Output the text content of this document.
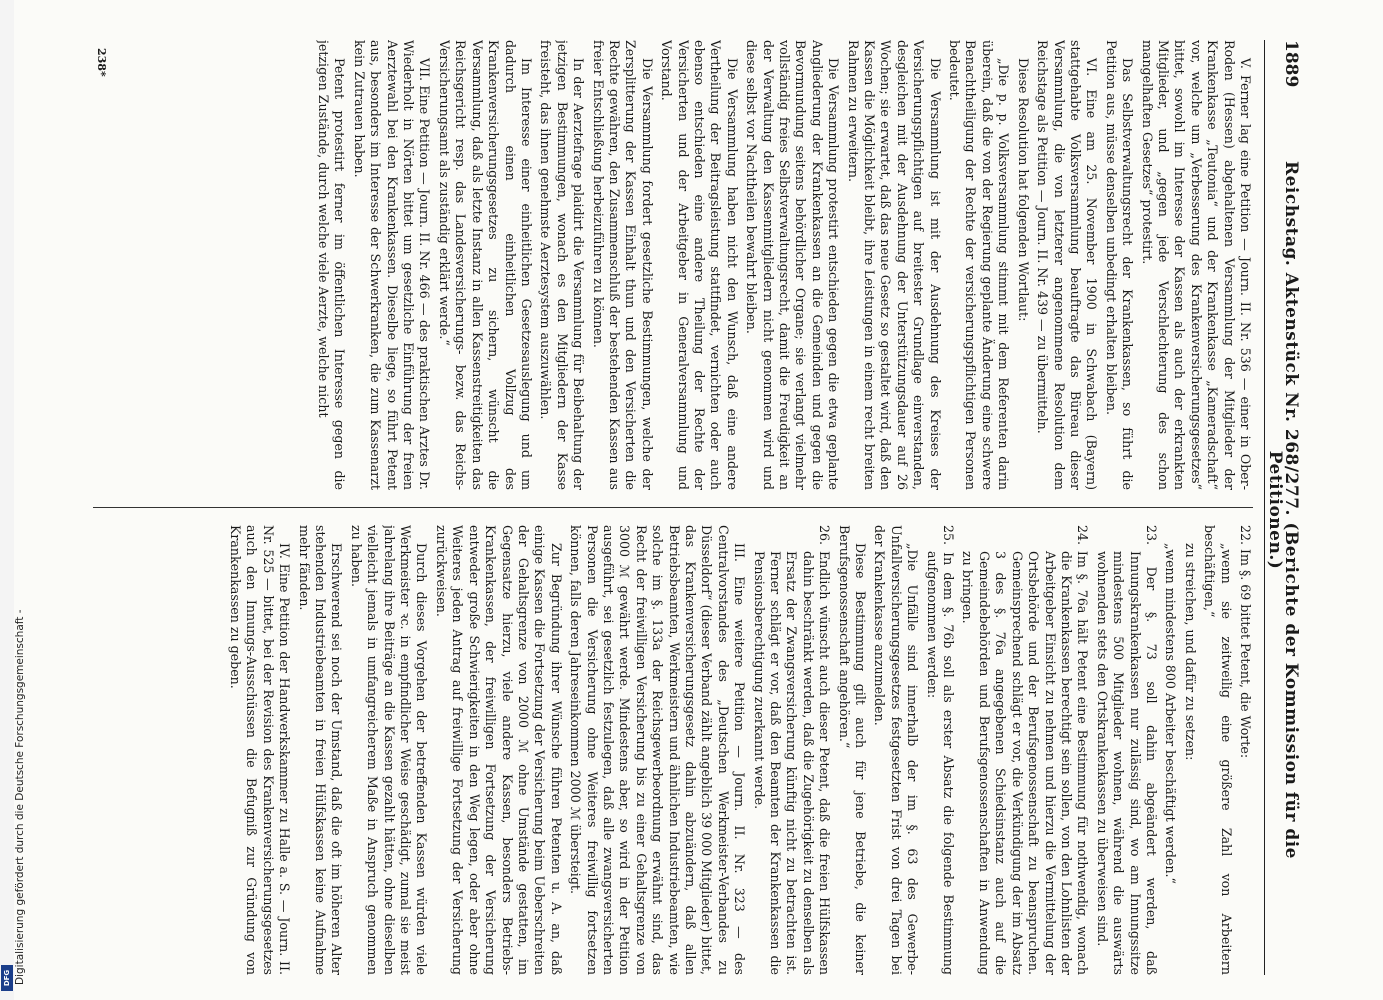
1889
Reichstag. Aktenstück Nr. 268/277. (Berichte der Kommission für die Petitionen.)

V. Ferner lag eine Petition — Journ. II. Nr. 536 — einer in Ober-Roden (Hessen) abgehaltenen Versammlung der Mitglieder der Krankenkasse „Teutonia“ und der Krankenkasse „Kameradschaft“ vor, welche um „Verbesserung des Krankenversicherungsgesetzes“ bittet, sowohl im Interesse der Kassen als auch der erkrankten Mitglieder, und „gegen jede Verschlechterung des schon mangelhaften Gesetzes“ protestirt.

Das Selbstverwaltungsrecht der Krankenkassen, so führt die Petition aus, müsse denselben unbedingt erhalten bleiben.

VI. Eine am 25. November 1900 in Schwabach (Bayern) stattgehabte Volksversammlung beauftragte das Büreau dieser Versammlung, die von letzterer angenommene Resolution dem Reichstage als Petition — Journ. II. Nr. 439 — zu übermitteln.

Diese Resolution hat folgenden Wortlaut:

„Die p. p. Volksversammlung stimmt mit dem Referenten darin überein, daß die von der Regierung geplante Änderung eine schwere Benachtheiligung der Rechte der versicherungspflichtigen Personen bedeutet.

Die Versammlung ist mit der Ausdehnung des Kreises der Versicherungspflichtigen auf breitester Grundlage einverstanden, desgleichen mit der Ausdehnung der Unterstützungsdauer auf 26 Wochen; sie erwartet, daß das neue Gesetz so gestaltet wird, daß den Kassen die Möglichkeit bleibt, ihre Leistungen in einem recht breiten Rahmen zu erweitern.

Die Versammlung protestirt entschieden gegen die etwa geplante Angliederung der Krankenkassen an die Gemeinden und gegen die Bevormundung seitens behördlicher Organe; sie verlangt vielmehr vollständig freies Selbstverwaltungsrecht, damit die Freudigkeit an der Verwaltung den Kassenmitgliedern nicht genommen wird und diese selbst vor Nachtheilen bewahrt bleiben.

Die Versammlung haben nicht den Wunsch, daß eine andere Vertheilung der Beitragsleistung stattfindet, vernichten oder auch ebenso entschieden eine andere Theilung der Rechte der Versicherten und der Arbeitgeber in Generalversammlung und Vorstand.

Die Versammlung fordert gesetzliche Bestimmungen, welche der Zersplitterung der Kassen Einhalt thun und den Versicherten die Rechte gewähren, den Zusammenschluß der bestehenden Kassen aus freier Entschließung herbeizuführen zu können.

In der Aerztefrage plaidirt die Versammlung für Beibehaltung der jetzigen Bestimmungen, wonach es den Mitgliedern der Kasse freisteht, das ihnen genehmste Aerztesystem auszuwählen.

Im Interesse einer einheitlichen Gesetzesauslegung und um dadurch einen einheitlichen Vollzug des Krankenversicherungsgesetzes zu sichern, wünscht die Versammlung, daß als letzte Instanz in allen Kassenstreitigkeiten das Reichsgericht resp. das Landesversicherungs- bezw. das Reichs-Versicherungsamt als zuständig erklärt werde.“

VII. Eine Petition — Journ. II. Nr. 466 — des praktischen Arztes Dr. Wiederholt in Nörten bittet um gesetzliche Einführung der freien Aerztewahl bei den Krankenkassen. Dieselbe liege, so führt Petent aus, besonders im Interesse der Schwerkranken, die zum Kassenarzt kein Zutrauen haben.

Petent protestirt ferner im öffentlichen Interesse gegen die jetzigen Zustände, durch welche viele Aerzte, welche nicht

22. Im §. 69 bittet Petent, die Worte:

„wenn sie zeitweilig eine größere Zahl von Arbeitern beschäftigen,“

zu streichen, und dafür zu setzen:

„wenn mindestens 800 Arbeiter beschäftigt werden.“

23. Der §. 73 soll dahin abgeändert werden, daß Innungskrankenkassen nur zulässig sind, wo am Innungssitze mindestens 500 Mitglieder wohnen, während die auswärts wohnenden stets den Ortskrankenkassen zu überweisen sind.

24. Im §. 76a hält Petent eine Bestimmung für nothwendig, wonach die Krankenkassen berechtigt sein sollen, von den Lohnlisten der Arbeitgeber Einsicht zu nehmen und hierzu die Vermittelung der Ortsbehörde und der Berufsgenossenschaft zu beanspruchen. Gemeinsprechend schlägt er vor, die Verkündigung der im Absatz 3 des §. 76a angegebenen Schiedsinstanz auch auf die Gemeindebehörden und Berufsgenossenschaften in Anwendung zu bringen.

25. In dem §. 76b soll als erster Absatz die folgende Bestimmung aufgenommen werden:

„Die Unfälle sind innerhalb der im §. 63 des Gewerbe-Unfallversicherungsgesetzes festgesetzten Frist von drei Tagen bei der Krankenkasse anzumelden.

Diese Bestimmung gilt auch für jene Betriebe, die keiner Berufsgenossenschaft angehören.“

26. Endlich wünscht auch dieser Petent, daß die freien Hülfskassen dahin beschränkt werden, daß die Zugehörigkeit zu denselben als Ersatz der Zwangsversicherung künftig nicht zu betrachten ist. Ferner schlägt er vor, daß den Beamten der Krankenkassen die Pensionsberechtigung zuerkannt werde.

III. Eine weitere Petition — Journ. II. Nr. 323 — des Centralvorstandes des „Deutschen Werkmeister-Verbandes zu Düsseldorf“ (dieser Verband zählt angeblich 39 000 Mitglieder) bittet, das Krankenversicherungsgesetz dahin abzuändern, daß allen Betriebsbeamten, Werkmeistern und ähnlichen Industriebeamten, wie solche im §. 133a der Reichsgewerbeordnung erwähnt sind, das Recht der freiwilligen Versicherung bis zu einer Gehaltsgrenze von 3000 ℳ gewährt werde. Mindestens aber, so wird in der Petition ausgeführt, sei gesetzlich festzulegen, daß alle zwangsversicherten Personen die Versicherung ohne Weiteres freiwillig fortsetzen können, falls deren Jahreseinkommen 2000 ℳ übersteigt.

Zur Begründung ihrer Wünsche führen Petenten u. A. an, daß einige Kassen die Fortsetzung der Versicherung beim Ueberschreiten der Gehaltsgrenze von 2000 ℳ ohne Umstände gestatten, im Gegensatze hierzu, viele andere Kassen, besonders Betriebs-Krankenkassen, der freiwilligen Fortsetzung der Versicherung entweder große Schwierigkeiten in den Weg legen, oder aber ohne Weiteres jeden Antrag auf freiwillige Fortsetzung der Versicherung zurückweisen.

Durch dieses Vorgehen der betreffenden Kassen würden viele Werkmeister ꝛc. in empfindlicher Weise geschädigt, zumal sie meist jahrelang ihre Beiträge an die Kassen gezahlt hätten, ohne dieselben vielleicht jemals in umfangreicherem Maße in Anspruch genommen zu haben.

Erschwerend sei noch der Umstand, daß die oft im höheren Alter stehenden Industriebeamten in freien Hülfskassen keine Aufnahme mehr fänden.

IV. Eine Petition der Handwerkskammer zu Halle a. S. — Journ. II. Nr. 525 — bittet, bei der Revision des Krankenversicherungsgesetzes auch den Innungs-Ausschüssen die Befugniß zur Gründung von Krankenkassen zu geben.

238*
Digitalisierung gefördert durch die Deutsche Forschungsgemeinschaft -
DFG
